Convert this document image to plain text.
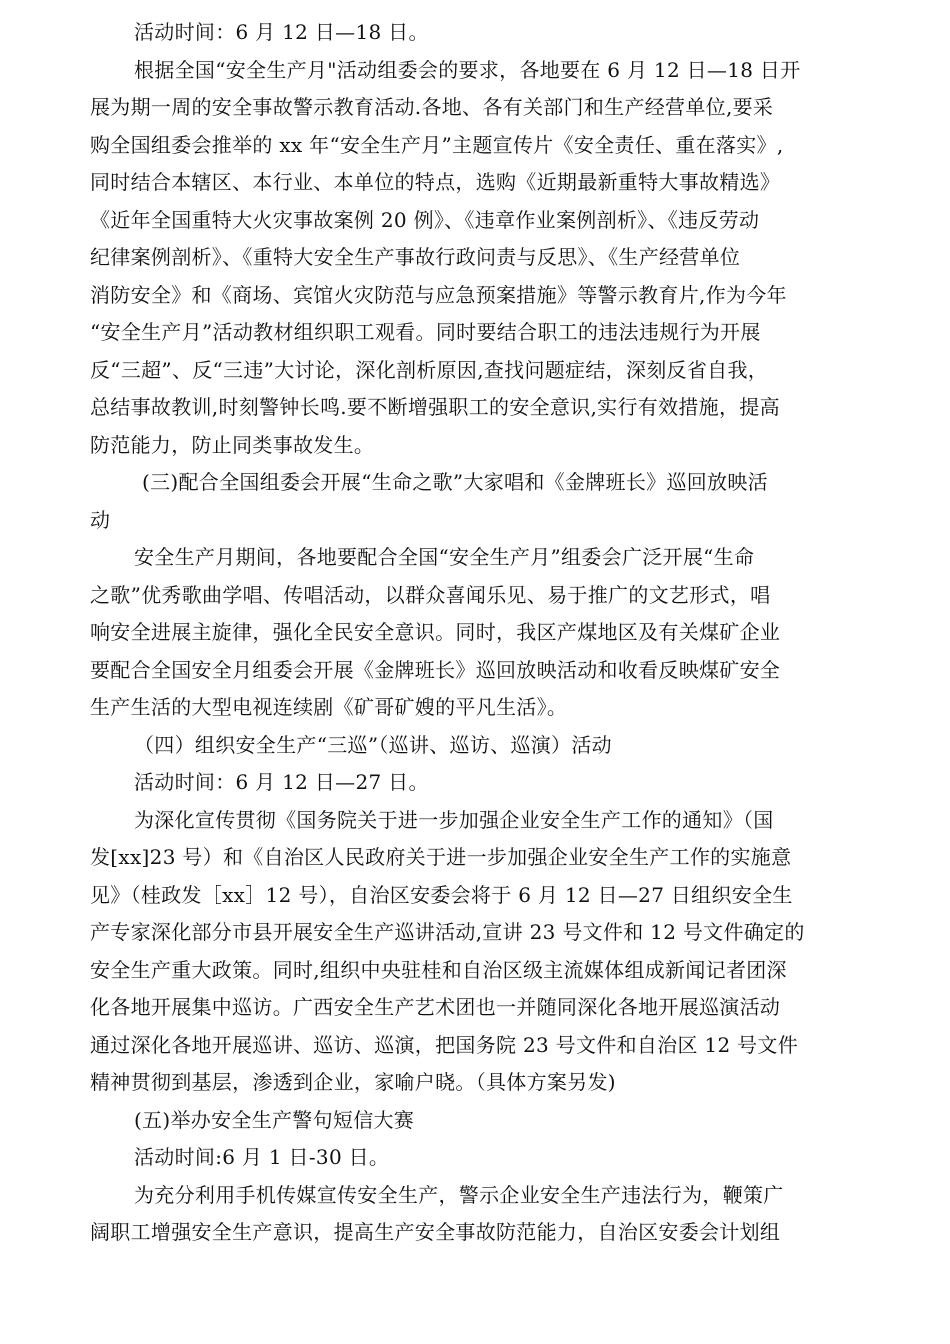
活动时间：6 月 12 日—18 日。
根据全国“安全生产月"活动组委会的要求，各地要在 6 月 12 日—18 日开
展为期一周的安全事故警示教育活动.各地、各有关部门和生产经营单位,要采
购全国组委会推举的 xx 年“安全生产月”主题宣传片《安全责任、重在落实》,
同时结合本辖区、本行业、本单位的特点，选购《近期最新重特大事故精选》
《近年全国重特大火灾事故案例 20 例》、《违章作业案例剖析》、《违反劳动
纪律案例剖析》、《重特大安全生产事故行政问责与反思》、《生产经营单位
消防安全》和《商场、宾馆火灾防范与应急预案措施》等警示教育片,作为今年
“安全生产月”活动教材组织职工观看。同时要结合职工的违法违规行为开展
反“三超”、反“三违”大讨论，深化剖析原因,查找问题症结，深刻反省自我，
总结事故教训,时刻警钟长鸣.要不断增强职工的安全意识,实行有效措施，提高
防范能力，防止同类事故发生。
(三)配合全国组委会开展“生命之歌”大家唱和《金牌班长》巡回放映活
动
安全生产月期间，各地要配合全国“安全生产月”组委会广泛开展“生命
之歌”优秀歌曲学唱、传唱活动，以群众喜闻乐见、易于推广的文艺形式，唱
响安全进展主旋律，强化全民安全意识。同时，我区产煤地区及有关煤矿企业
要配合全国安全月组委会开展《金牌班长》巡回放映活动和收看反映煤矿安全
生产生活的大型电视连续剧《矿哥矿嫂的平凡生活》。
（四）组织安全生产“三巡”（巡讲、巡访、巡演）活动
活动时间：6 月 12 日—27 日。
为深化宣传贯彻《国务院关于进一步加强企业安全生产工作的通知》（国
发[xx]23 号）和《自治区人民政府关于进一步加强企业安全生产工作的实施意
见》（桂政发［xx］12 号），自治区安委会将于 6 月 12 日—27 日组织安全生
产专家深化部分市县开展安全生产巡讲活动,宣讲 23 号文件和 12 号文件确定的
安全生产重大政策。同时,组织中央驻桂和自治区级主流媒体组成新闻记者团深
化各地开展集中巡访。广西安全生产艺术团也一并随同深化各地开展巡演活动
通过深化各地开展巡讲、巡访、巡演，把国务院 23 号文件和自治区 12 号文件
精神贯彻到基层，渗透到企业，家喻户晓。（具体方案另发)
(五)举办安全生产警句短信大赛
活动时间:6 月 1 日-30 日。
为充分利用手机传媒宣传安全生产，警示企业安全生产违法行为，鞭策广
阔职工增强安全生产意识，提高生产安全事故防范能力，自治区安委会计划组
